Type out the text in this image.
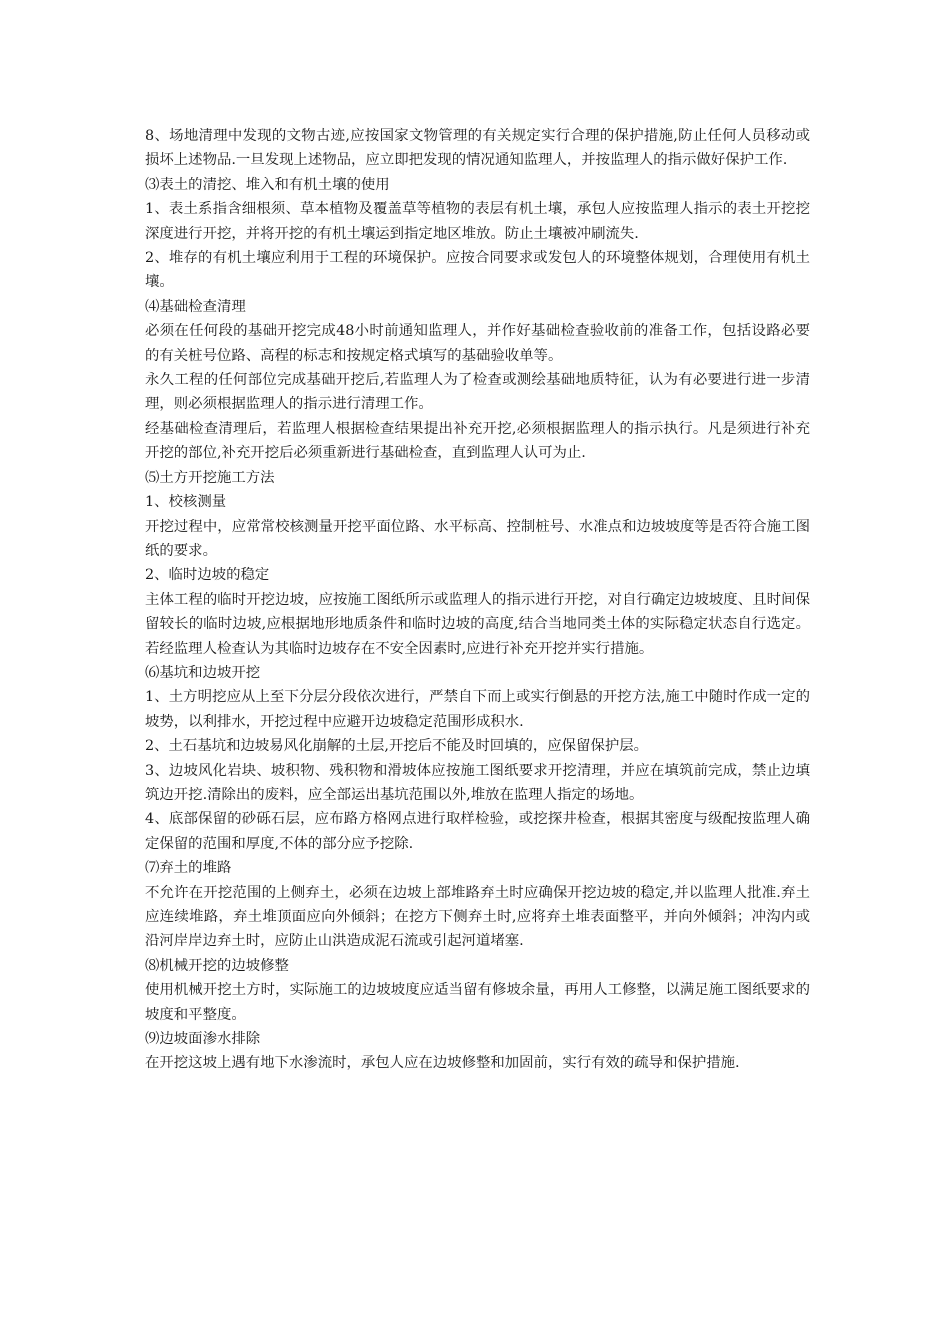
8、场地清理中发现的文物古迹,应按国家文物管理的有关规定实行合理的保护措施,防止任何人员移动或损坏上述物品.一旦发现上述物品，应立即把发现的情况通知监理人，并按监理人的指示做好保护工作.

⑶表土的清挖、堆入和有机土壤的使用

1、表土系指含细根须、草本植物及覆盖草等植物的表层有机土壤，承包人应按监理人指示的表土开挖挖深度进行开挖，并将开挖的有机土壤运到指定地区堆放。防止土壤被冲刷流失.

2、堆存的有机土壤应利用于工程的环境保护。应按合同要求或发包人的环境整体规划，合理使用有机土壤。

⑷基础检查清理

必须在任何段的基础开挖完成48小时前通知监理人，并作好基础检查验收前的准备工作，包括设路必要的有关桩号位路、高程的标志和按规定格式填写的基础验收单等。

永久工程的任何部位完成基础开挖后,若监理人为了检查或测绘基础地质特征，认为有必要进行进一步清理，则必须根据监理人的指示进行清理工作。

经基础检查清理后，若监理人根据检查结果提出补充开挖,必须根据监理人的指示执行。凡是须进行补充开挖的部位,补充开挖后必须重新进行基础检查，直到监理人认可为止.

⑸土方开挖施工方法

1、校核测量

开挖过程中，应常常校核测量开挖平面位路、水平标高、控制桩号、水准点和边坡坡度等是否符合施工图纸的要求。

2、临时边坡的稳定

主体工程的临时开挖边坡，应按施工图纸所示或监理人的指示进行开挖，对自行确定边坡坡度、且时间保留较长的临时边坡,应根据地形地质条件和临时边坡的高度,结合当地同类土体的实际稳定状态自行选定。若经监理人检查认为其临时边坡存在不安全因素时,应进行补充开挖并实行措施。

⑹基坑和边坡开挖

1、土方明挖应从上至下分层分段依次进行，严禁自下而上或实行倒悬的开挖方法,施工中随时作成一定的坡势，以利排水，开挖过程中应避开边坡稳定范围形成积水.

2、土石基坑和边坡易风化崩解的土层,开挖后不能及时回填的，应保留保护层。

3、边坡风化岩块、坡积物、残积物和滑坡体应按施工图纸要求开挖清理，并应在填筑前完成，禁止边填筑边开挖.清除出的废料，应全部运出基坑范围以外,堆放在监理人指定的场地。

4、底部保留的砂砾石层，应布路方格网点进行取样检验，或挖探井检查，根据其密度与级配按监理人确定保留的范围和厚度,不体的部分应予挖除.

⑺弃土的堆路

不允许在开挖范围的上侧弃土，必须在边坡上部堆路弃土时应确保开挖边坡的稳定,并以监理人批准.弃土应连续堆路，弃土堆顶面应向外倾斜；在挖方下侧弃土时,应将弃土堆表面整平，并向外倾斜；冲沟内或沿河岸岸边弃土时，应防止山洪造成泥石流或引起河道堵塞.

⑻机械开挖的边坡修整

使用机械开挖土方时，实际施工的边坡坡度应适当留有修坡余量，再用人工修整，以满足施工图纸要求的坡度和平整度。

⑼边坡面渗水排除

在开挖这坡上遇有地下水渗流时，承包人应在边坡修整和加固前，实行有效的疏导和保护措施.
